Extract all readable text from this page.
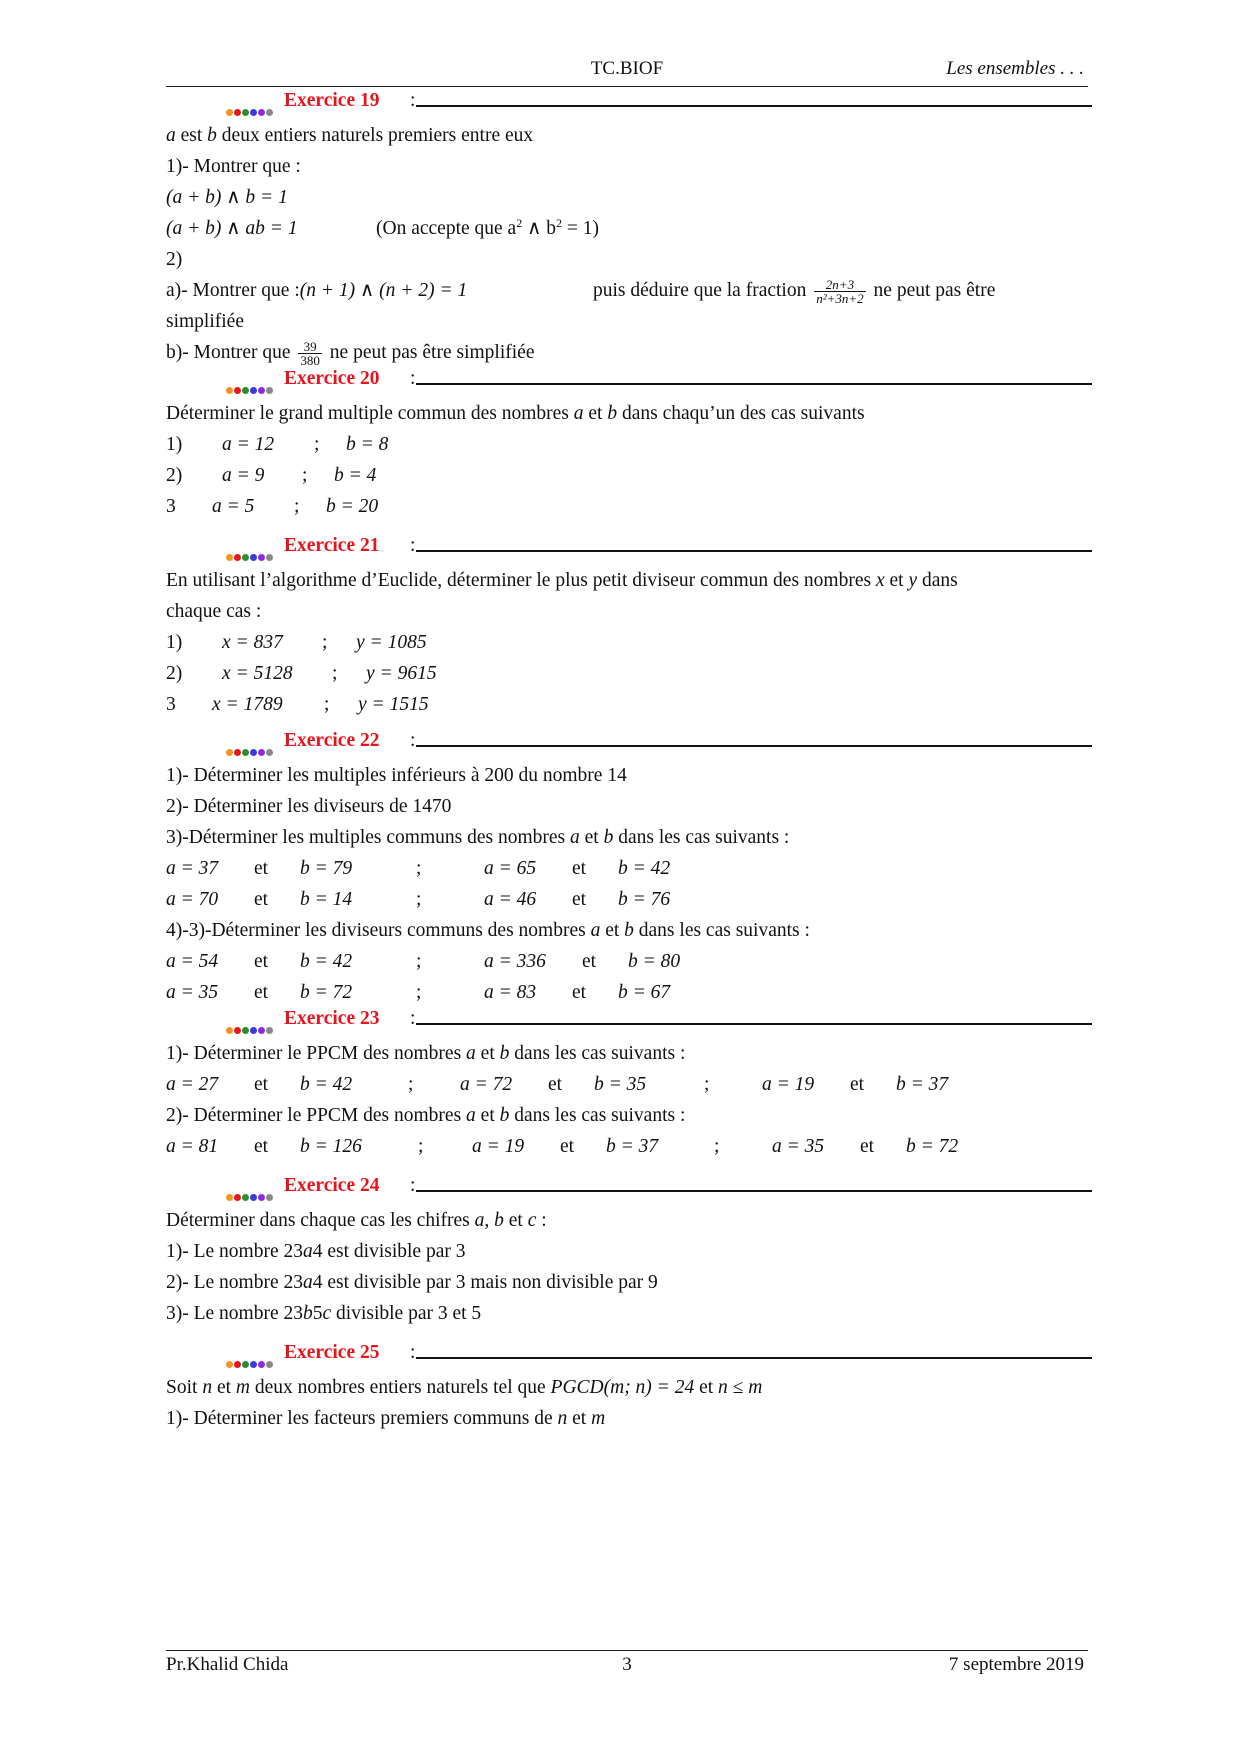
TC.BIOF	Les ensembles . . .
Exercice 19 :
a est b deux entiers naturels premiers entre eux
1)- Montrer que :
(a + b) ∧ b = 1
(a + b) ∧ ab = 1	(On accepte que $a^2$ ∧ $b^2 = 1$)
2)
a)- Montrer que :(n + 1) ∧ (n + 2) = 1	puis déduire que la fraction $\frac{2n+3}{\text{n²+3n+2}}$ ne peut pas être
simplifiée
b)- Montrer que $\frac{39}{380}$ ne peut pas être simplifiée
Exercice 20 :
Déterminer le grand multiple commun des nombres a et b dans chaqu’un des cas suivants
1) a = 12 ; b = 8
2) a = 9 ; b = 4
3 a = 5 ; b = 20
Exercice 21 :
En utilisant l’algorithme d’Euclide, déterminer le plus petit diviseur commun des nombres x et y dans
chaque cas :
1) x = 837 ; y = 1085
2) x = 5128 ; y = 9615
3 x = 1789 ; y = 1515
Exercice 22 :
1)- Déterminer les multiples inférieurs à 200 du nombre 14
2)- Déterminer les diviseurs de 1470
3)-Déterminer les multiples communs des nombres a et b dans les cas suivants :
a = 37 et b = 79	;	a = 65 et b = 42
a = 70 et b = 14	;	a = 46 et b = 76
4)-3)-Déterminer les diviseurs communs des nombres a et b dans les cas suivants :
a = 54 et b = 42	;	a = 336 et b = 80
a = 35 et b = 72	;	a = 83 et b = 67
Exercice 23 :
1)- Déterminer le PPCM des nombres a et b dans les cas suivants :
a = 27 et b = 42	; a = 72 et b = 35	;	a = 19 et b = 37
2)- Déterminer le PPCM des nombres a et b dans les cas suivants :
a = 81 et b = 126	; a = 19 et b = 37	;	a = 35 et b = 72
Exercice 24 :
Déterminer dans chaque cas les chifres a, b et c :
1)- Le nombre 23a4 est divisible par 3
2)- Le nombre 23a4 est divisible par 3 mais non divisible par 9
3)- Le nombre 23b5c divisible par 3 et 5
Exercice 25 :
Soit n et m deux nombres entiers naturels tel que PGCD(m; n) = 24 et n ≤ m
1)- Déterminer les facteurs premiers communs de n et m
Pr.Khalid Chida	3	7 septembre 2019
